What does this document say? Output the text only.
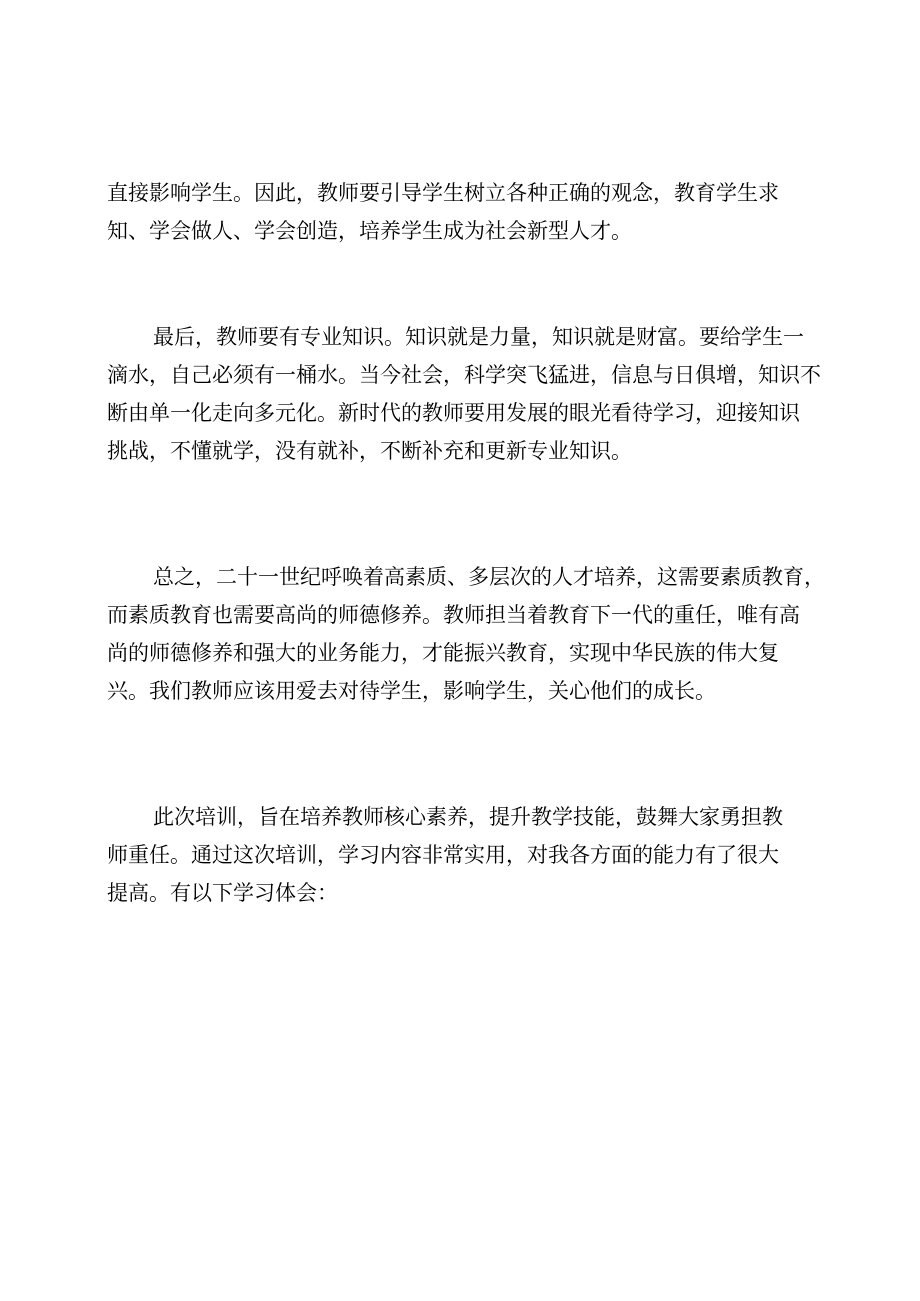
直接影响学生。因此，教师要引导学生树立各种正确的观念，教育学生求
知、学会做人、学会创造，培养学生成为社会新型人才。
最后，教师要有专业知识。知识就是力量，知识就是财富。要给学生一
滴水，自己必须有一桶水。当今社会，科学突飞猛进，信息与日俱增，知识不
断由单一化走向多元化。新时代的教师要用发展的眼光看待学习，迎接知识
挑战，不懂就学，没有就补，不断补充和更新专业知识。
总之，二十一世纪呼唤着高素质、多层次的人才培养，这需要素质教育，
而素质教育也需要高尚的师德修养。教师担当着教育下一代的重任，唯有高
尚的师德修养和强大的业务能力，才能振兴教育，实现中华民族的伟大复
兴。我们教师应该用爱去对待学生，影响学生，关心他们的成长。
此次培训，旨在培养教师核心素养，提升教学技能，鼓舞大家勇担教
师重任。通过这次培训，学习内容非常实用，对我各方面的能力有了很大
提高。有以下学习体会：
